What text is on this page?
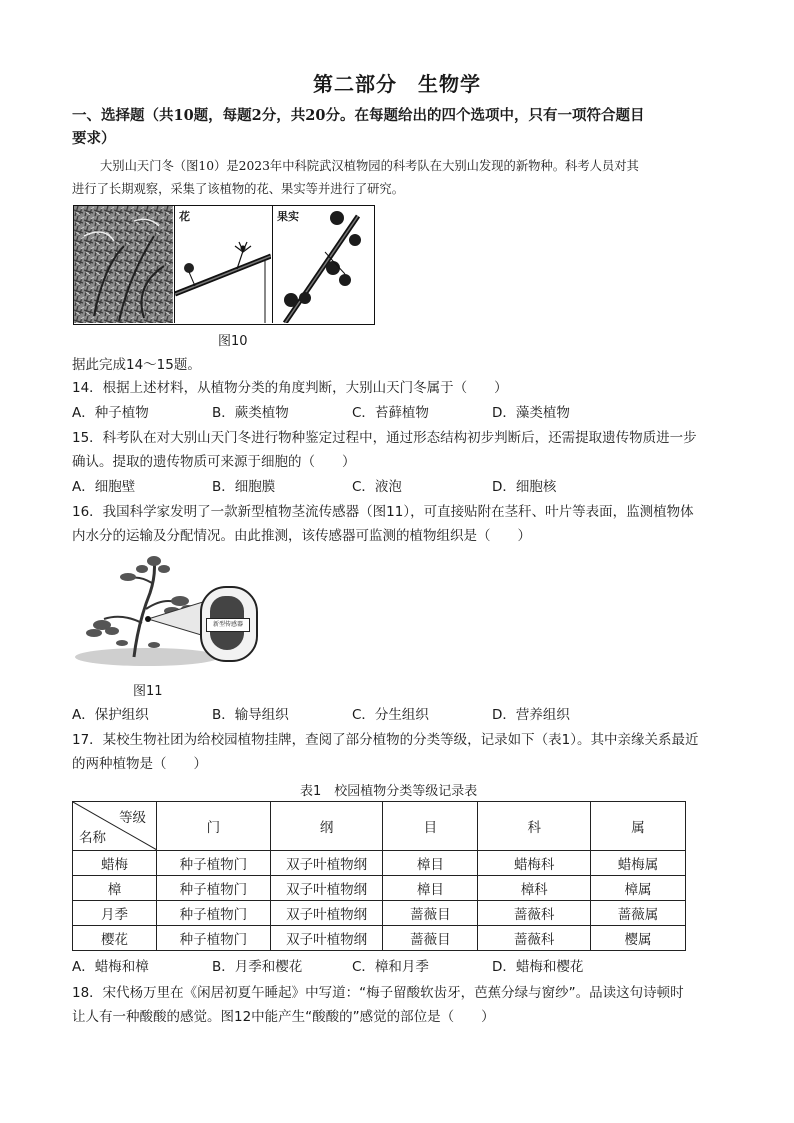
第二部分　生物学
一、选择题（共10题，每题2分，共20分。在每题给出的四个选项中，只有一项符合题目
要求）
大别山天门冬（图10）是2023年中科院武汉植物园的科考队在大别山发现的新物种。科考人员对其
进行了长期观察，采集了该植物的花、果实等并进行了研究。
花	果实
图10
据此完成14～15题。
14．根据上述材料，从植物分类的角度判断，大别山天门冬属于（　　）
A．种子植物	B．蕨类植物	C．苔藓植物	D．藻类植物
15．科考队在对大别山天门冬进行物种鉴定过程中，通过形态结构初步判断后，还需提取遗传物质进一步
确认。提取的遗传物质可来源于细胞的（　　）
A．细胞壁	B．细胞膜	C．液泡	D．细胞核
16．我国科学家发明了一款新型植物茎流传感器（图11），可直接贴附在茎秆、叶片等表面，监测植物体
内水分的运输及分配情况。由此推测，该传感器可监测的植物组织是（　　）
新型传感器
图11
A．保护组织	B．输导组织	C．分生组织	D．营养组织
17．某校生物社团为给校园植物挂牌，查阅了部分植物的分类等级，记录如下（表1）。其中亲缘关系最近
的两种植物是（　　）
表1　校园植物分类等级记录表
等级
名称	门	纲	目	科	属
蜡梅	种子植物门	双子叶植物纲	樟目	蜡梅科	蜡梅属
樟	种子植物门	双子叶植物纲	樟目	樟科	樟属
月季	种子植物门	双子叶植物纲	蔷薇目	蔷薇科	蔷薇属
樱花	种子植物门	双子叶植物纲	蔷薇目	蔷薇科	樱属
A．蜡梅和樟	B．月季和樱花	C．樟和月季	D．蜡梅和樱花
18．宋代杨万里在《闲居初夏午睡起》中写道：“梅子留酸软齿牙，芭蕉分绿与窗纱”。品读这句诗顿时
让人有一种酸酸的感觉。图12中能产生“酸酸的”感觉的部位是（　　）
